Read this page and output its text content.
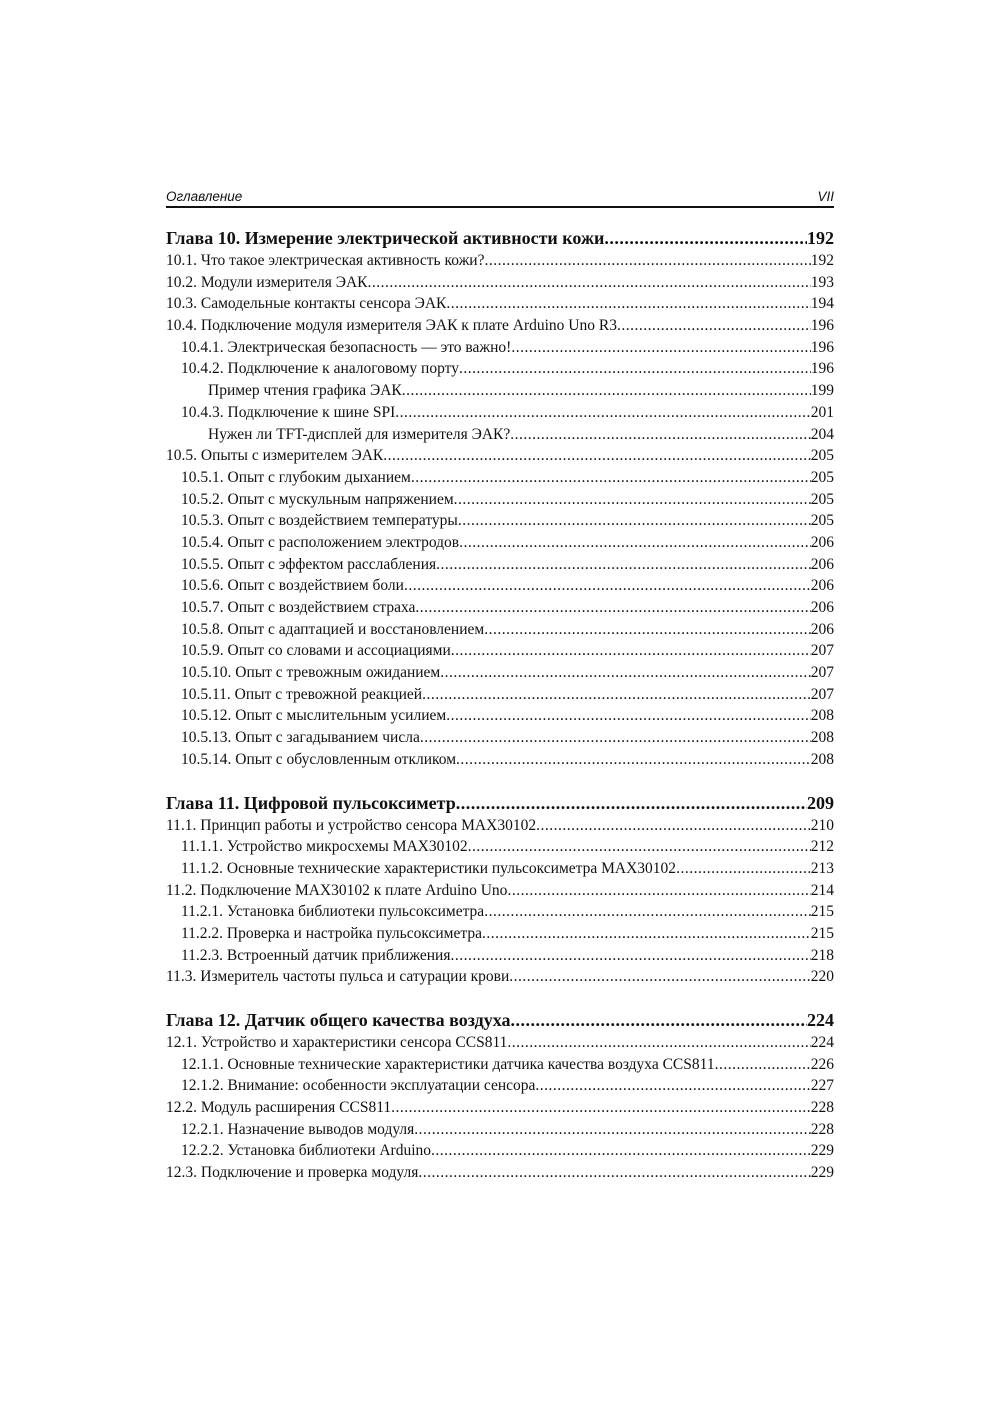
Оглавление	VII
Глава 10. Измерение электрической активности кожи .....	192
10.1. Что такое электрическая активность кожи? .....	192
10.2. Модули измерителя ЭАК .....	193
10.3. Самодельные контакты сенсора ЭАК .....	194
10.4. Подключение модуля измерителя ЭАК к плате Arduino Uno R3 .....	196
10.4.1. Электрическая безопасность — это важно! .....	196
10.4.2. Подключение к аналоговому порту .....	196
Пример чтения графика ЭАК .....	199
10.4.3. Подключение к шине SPI .....	201
Нужен ли TFT-дисплей для измерителя ЭАК? .....	204
10.5. Опыты с измерителем ЭАК .....	205
10.5.1. Опыт с глубоким дыханием .....	205
10.5.2. Опыт с мускульным напряжением .....	205
10.5.3. Опыт с воздействием температуры .....	205
10.5.4. Опыт с расположением электродов .....	206
10.5.5. Опыт с эффектом расслабления .....	206
10.5.6. Опыт с воздействием боли .....	206
10.5.7. Опыт с воздействием страха .....	206
10.5.8. Опыт с адаптацией и восстановлением .....	206
10.5.9. Опыт со словами и ассоциациями .....	207
10.5.10. Опыт с тревожным ожиданием .....	207
10.5.11. Опыт с тревожной реакцией .....	207
10.5.12. Опыт с мыслительным усилием .....	208
10.5.13. Опыт с загадыванием числа .....	208
10.5.14. Опыт с обусловленным откликом .....	208
Глава 11. Цифровой пульсоксиметр .....	209
11.1. Принцип работы и устройство сенсора MAX30102 .....	210
11.1.1. Устройство микросхемы MAX30102 .....	212
11.1.2. Основные технические характеристики пульсоксиметра MAX30102 .....	213
11.2. Подключение MAX30102 к плате Arduino Uno .....	214
11.2.1. Установка библиотеки пульсоксиметра .....	215
11.2.2. Проверка и настройка пульсоксиметра .....	215
11.2.3. Встроенный датчик приближения .....	218
11.3. Измеритель частоты пульса и сатурации крови .....	220
Глава 12. Датчик общего качества воздуха .....	224
12.1. Устройство и характеристики сенсора CCS811 .....	224
12.1.1. Основные технические характеристики датчика качества воздуха CCS811 .....	226
12.1.2. Внимание: особенности эксплуатации сенсора .....	227
12.2. Модуль расширения CCS811 .....	228
12.2.1. Назначение выводов модуля .....	228
12.2.2. Установка библиотеки Arduino .....	229
12.3. Подключение и проверка модуля .....	229
